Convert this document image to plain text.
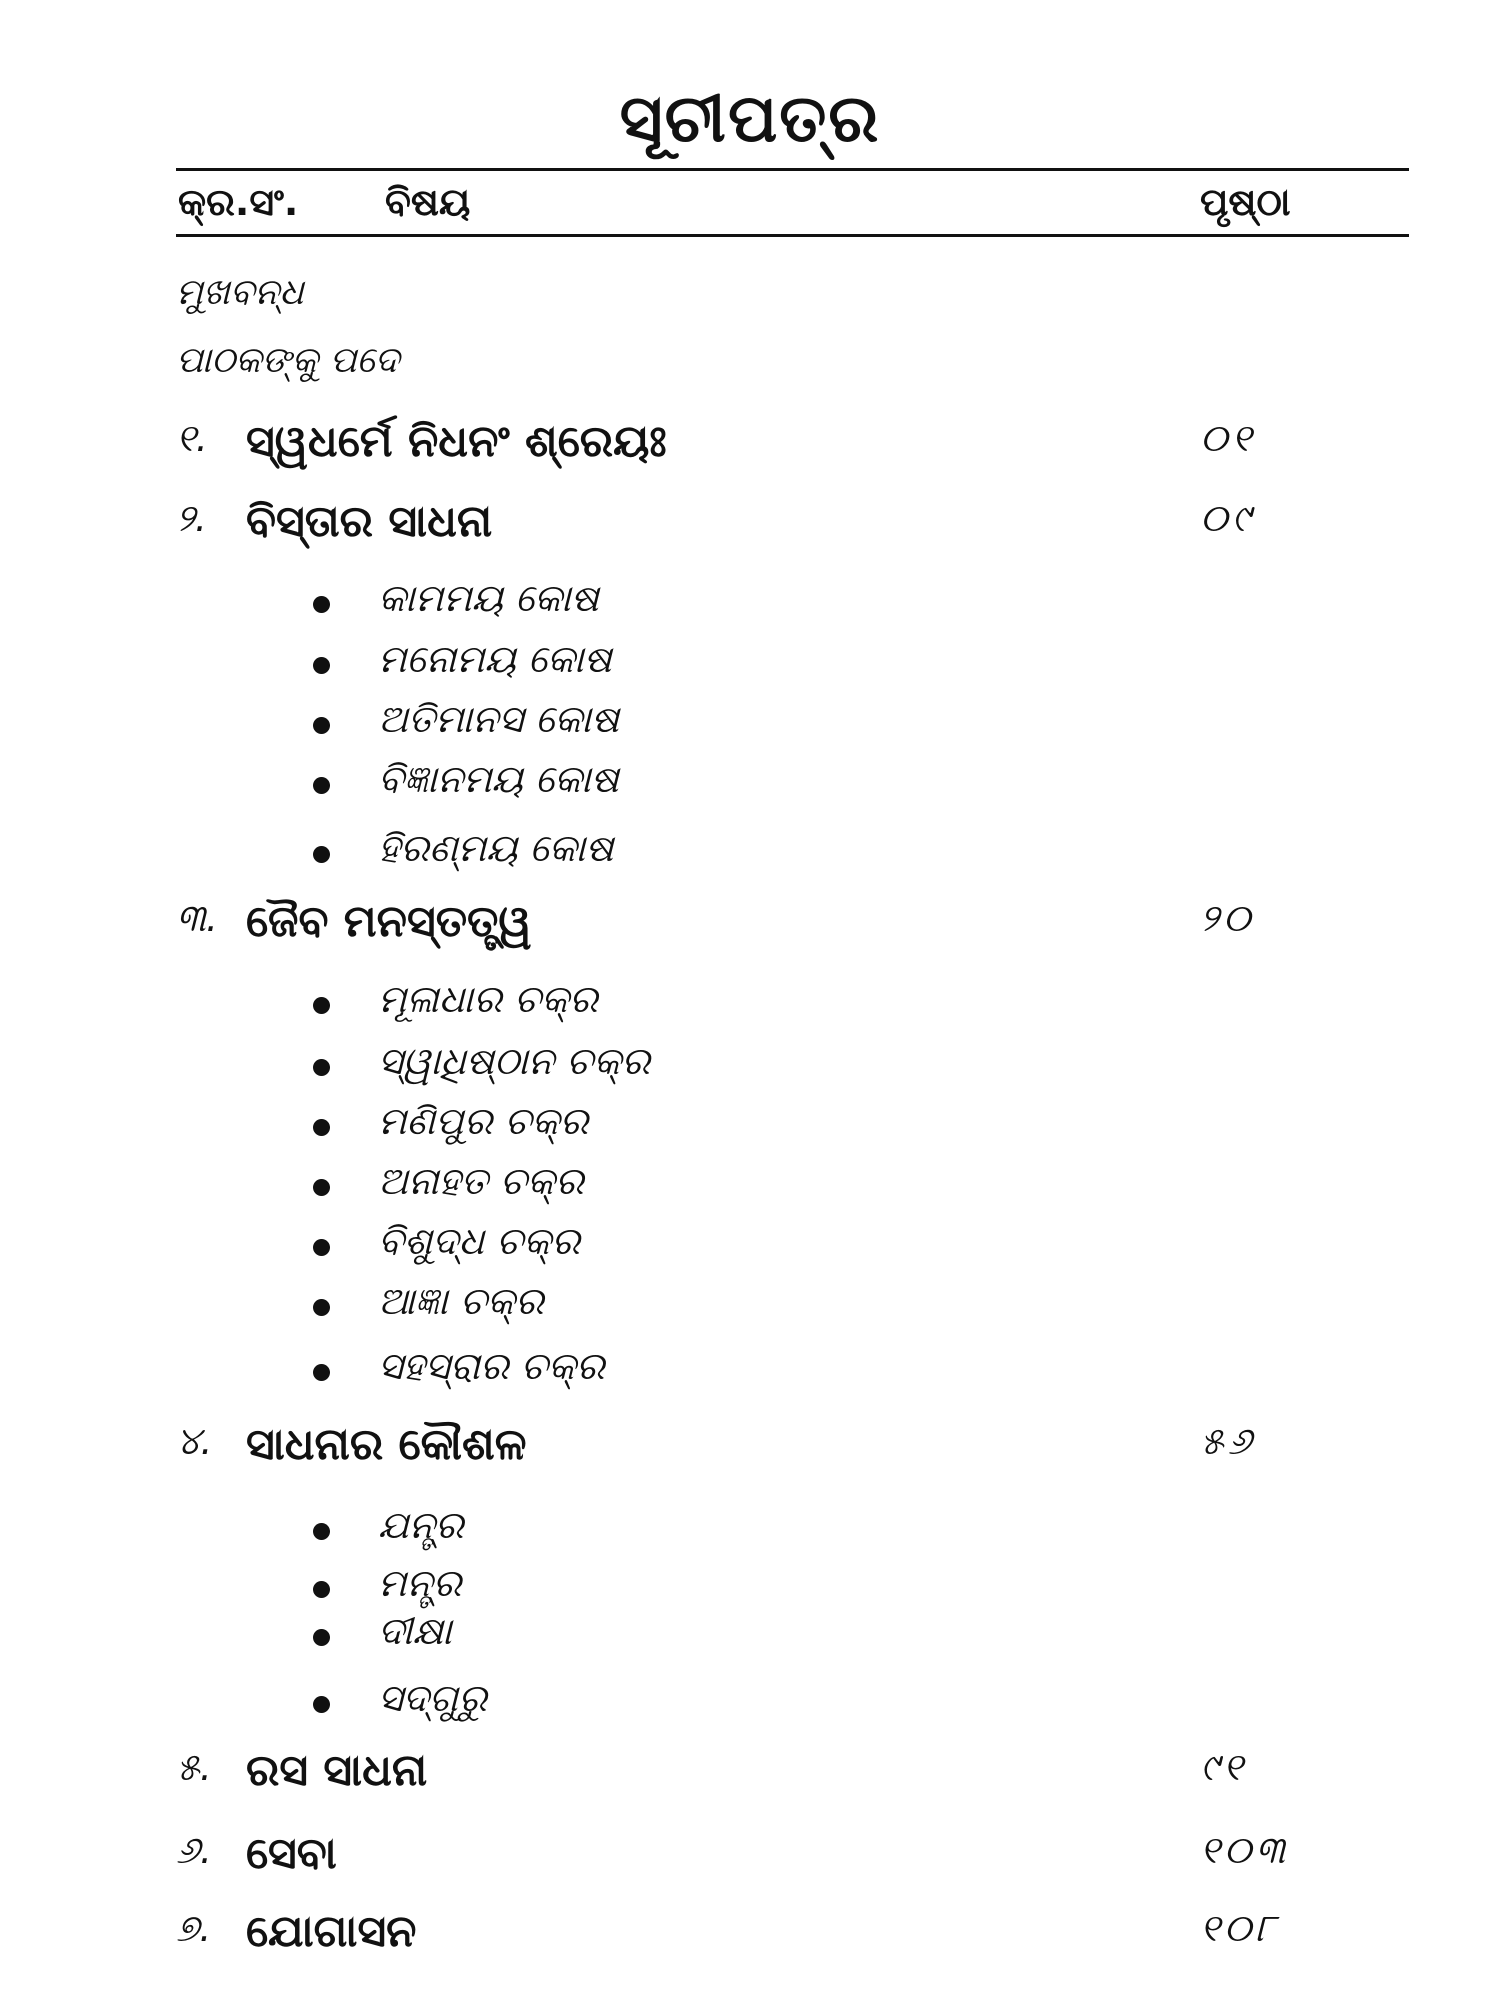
ସୂଚୀପତ୍ର
କ୍ର.ସଂ. ବିଷୟ	ପୃଷ୍ଠା
ମୁଖବନ୍ଧ
ପାଠକଙ୍କୁ ପଦେ
୧. ସ୍ୱଧର୍ମେ ନିଧନଂ ଶ୍ରେୟଃ	୦୧
୨. ବିସ୍ତାର ସାଧନା	୦୯
କାମମୟ କୋଷ
ମନୋମୟ କୋଷ
ଅତିମାନସ କୋଷ
ବିଜ୍ଞାନମୟ କୋଷ
ହିରଣ୍ମୟ କୋଷ
୩. ଜୈବ ମନସ୍ତତ୍ତ୍ୱ	୨୦
ମୂଳାଧାର ଚକ୍ର
ସ୍ୱାଧିଷ୍ଠାନ ଚକ୍ର
ମଣିପୁର ଚକ୍ର
ଅନାହତ ଚକ୍ର
ବିଶୁଦ୍ଧ ଚକ୍ର
ଆଜ୍ଞା ଚକ୍ର
ସହସ୍ରାର ଚକ୍ର
୪. ସାଧନାର କୌଶଳ	୫୬
ଯନ୍ତ୍ର
ମନ୍ତ୍ର
ଦୀକ୍ଷା
ସଦ୍‌ଗୁରୁ
୫. ରସ ସାଧନା	୯୧
୬. ସେବା	୧୦୩
୭. ଯୋଗାସନ	୧୦୮
